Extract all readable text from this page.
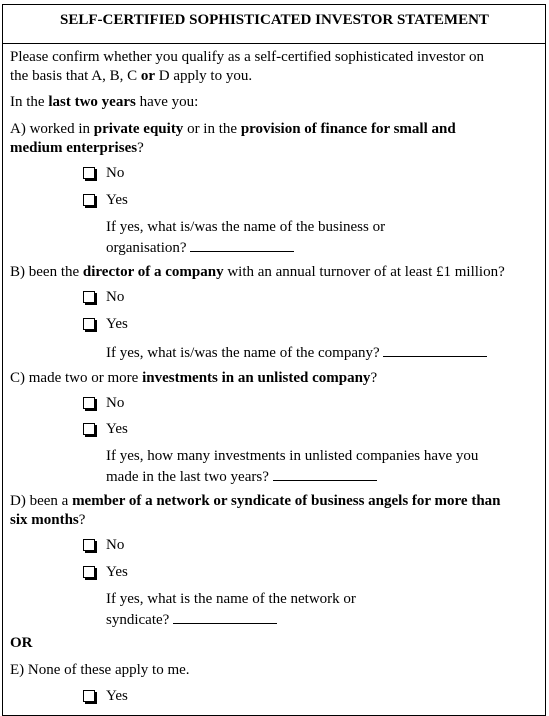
SELF-CERTIFIED SOPHISTICATED INVESTOR STATEMENT
Please confirm whether you qualify as a self-certified sophisticated investor on
the basis that A, B, C or D apply to you.
In the last two years have you:
A) worked in private equity or in the provision of finance for small and
medium enterprises?
No
Yes
If yes, what is/was the name of the business or
organisation?
B) been the director of a company with an annual turnover of at least £1 million?
No
Yes
If yes, what is/was the name of the company?
C) made two or more investments in an unlisted company?
No
Yes
If yes, how many investments in unlisted companies have you
made in the last two years?
D) been a member of a network or syndicate of business angels for more than
six months?
No
Yes
If yes, what is the name of the network or
syndicate?
OR
E) None of these apply to me.
Yes
